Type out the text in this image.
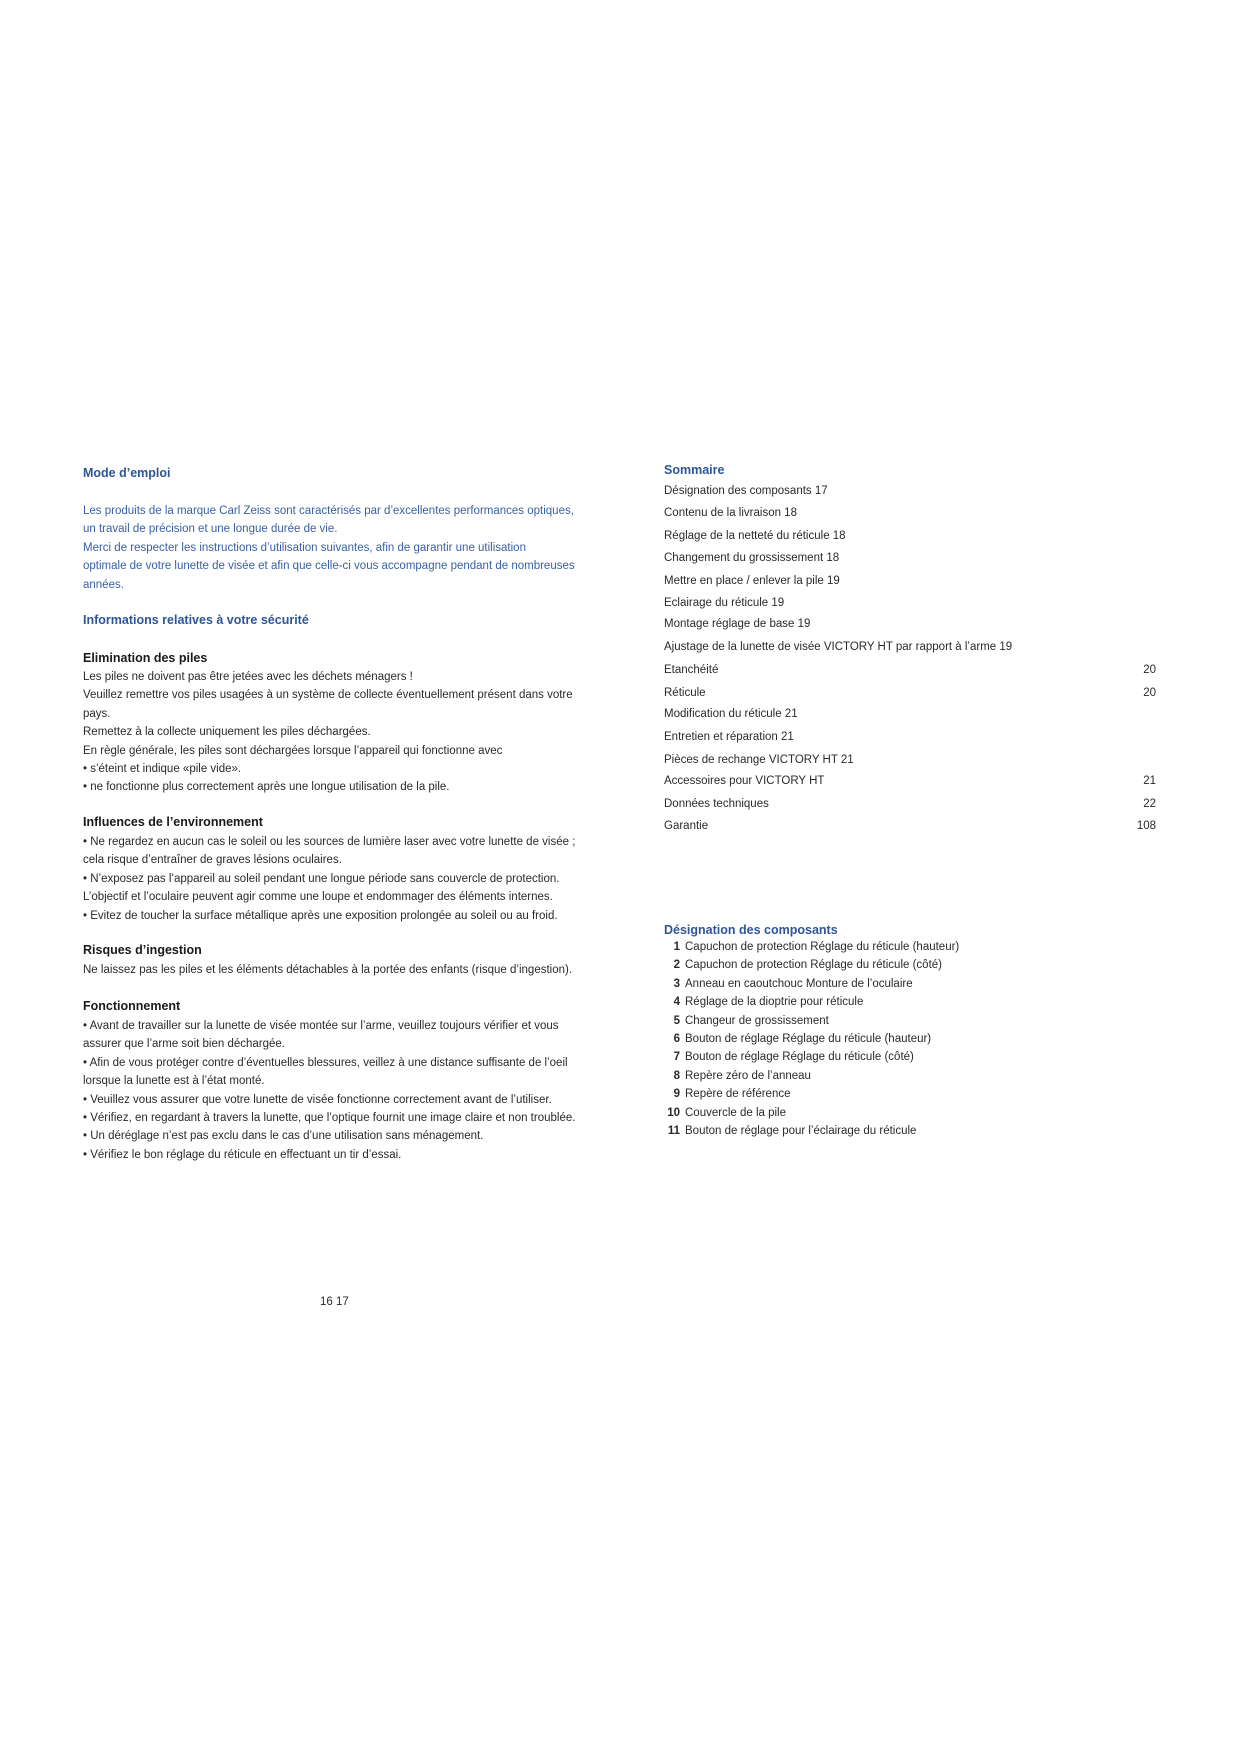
Mode d’emploi
Les produits de la marque Carl Zeiss sont caractérisés par d’excellentes performances optiques,
un travail de précision et une longue durée de vie.
Merci de respecter les instructions d’utilisation suivantes, afin de garantir une utilisation
optimale de votre lunette de visée et afin que celle-ci vous accompagne pendant de nombreuses
années.
Informations relatives à votre sécurité
Elimination des piles
Les piles ne doivent pas être jetées avec les déchets ménagers !
Veuillez remettre vos piles usagées à un système de collecte éventuellement présent dans votre
pays.
Remettez à la collecte uniquement les piles déchargées.
En règle générale, les piles sont déchargées lorsque l’appareil qui fonctionne avec
• s’éteint et indique «pile vide».
• ne fonctionne plus correctement après une longue utilisation de la pile.
Influences de l’environnement
• Ne regardez en aucun cas le soleil ou les sources de lumière laser avec votre lunette de visée ;
cela risque d’entraîner de graves lésions oculaires.
• N’exposez pas l’appareil au soleil pendant une longue période sans couvercle de protection.
L’objectif et l’oculaire peuvent agir comme une loupe et endommager des éléments internes.
• Evitez de toucher la surface métallique après une exposition prolongée au soleil ou au froid.
Risques d’ingestion
Ne laissez pas les piles et les éléments détachables à la portée des enfants (risque d’ingestion).
Fonctionnement
• Avant de travailler sur la lunette de visée montée sur l’arme, veuillez toujours vérifier et vous
assurer que l’arme soit bien déchargée.
• Afin de vous protéger contre d’éventuelles blessures, veillez à une distance suffisante de l’oeil
lorsque la lunette est à l’état monté.
• Veuillez vous assurer que votre lunette de visée fonctionne correctement avant de l’utiliser.
• Vérifiez, en regardant à travers la lunette, que l’optique fournit une image claire et non troublée.
• Un déréglage n’est pas exclu dans le cas d’une utilisation sans ménagement.
• Vérifiez le bon réglage du réticule en effectuant un tir d’essai.
16 17
Sommaire
Désignation des composants 17
Contenu de la livraison 18
Réglage de la netteté du réticule 18
Changement du grossissement 18
Mettre en place / enlever la pile 19
Eclairage du réticule 19
Montage réglage de base 19
Ajustage de la lunette de visée VICTORY HT par rapport à l’arme 19
Etanchéité	20
Réticule	20
Modification du réticule 21
Entretien et réparation 21
Pièces de rechange VICTORY HT 21
Accessoires pour VICTORY HT	21
Données techniques	22
Garantie	108
Désignation des composants
1 Capuchon de protection Réglage du réticule (hauteur)
2 Capuchon de protection Réglage du réticule (côté)
3 Anneau en caoutchouc Monture de l’oculaire
4 Réglage de la dioptrie pour réticule
5 Changeur de grossissement
6 Bouton de réglage Réglage du réticule (hauteur)
7 Bouton de réglage Réglage du réticule (côté)
8 Repère zéro de l’anneau
9 Repère de référence
10 Couvercle de la pile
11 Bouton de réglage pour l’éclairage du réticule
